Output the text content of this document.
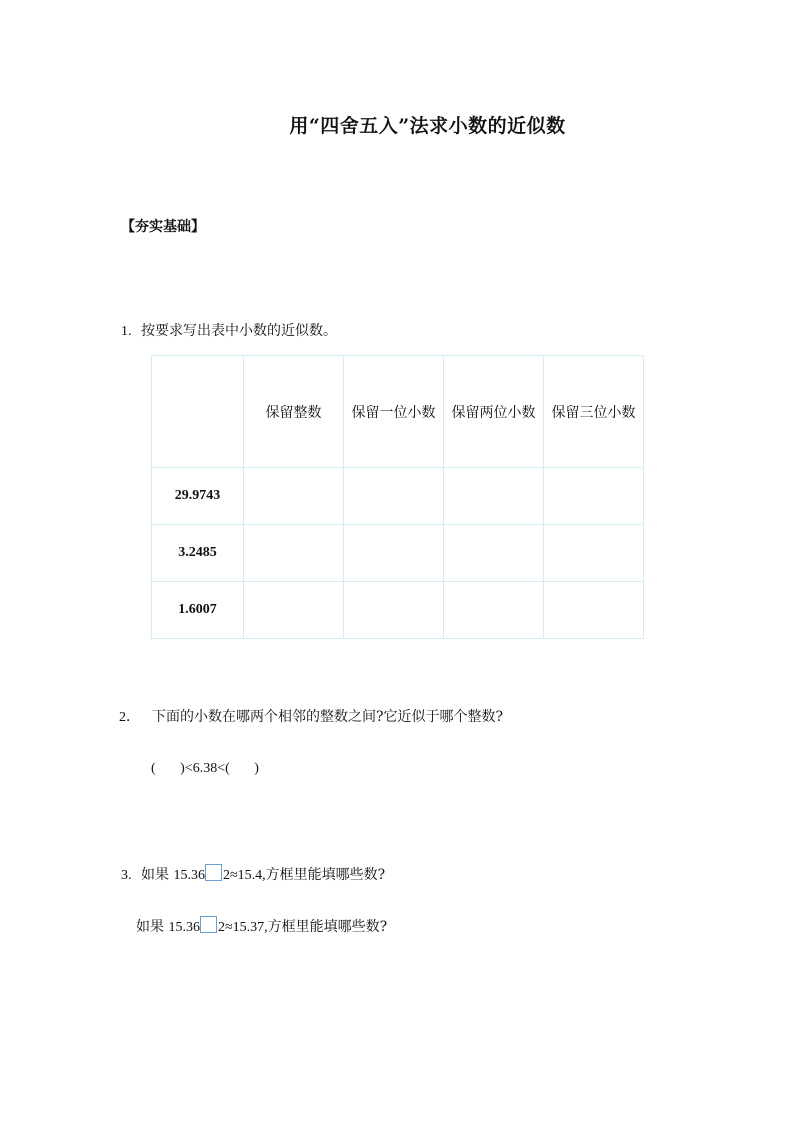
用“四舍五入”法求小数的近似数
【夯实基础】
1. 按要求写出表中小数的近似数。
	保留整数	保留一位小数	保留两位小数	保留三位小数
29.9743				
3.2485				
1.6007				
2． 下面的小数在哪两个相邻的整数之间?它近似于哪个整数?
(       )<6.38<(       )
3. 如果 15.36 2≈15.4,方框里能填哪些数?
如果 15.36 2≈15.37,方框里能填哪些数?
